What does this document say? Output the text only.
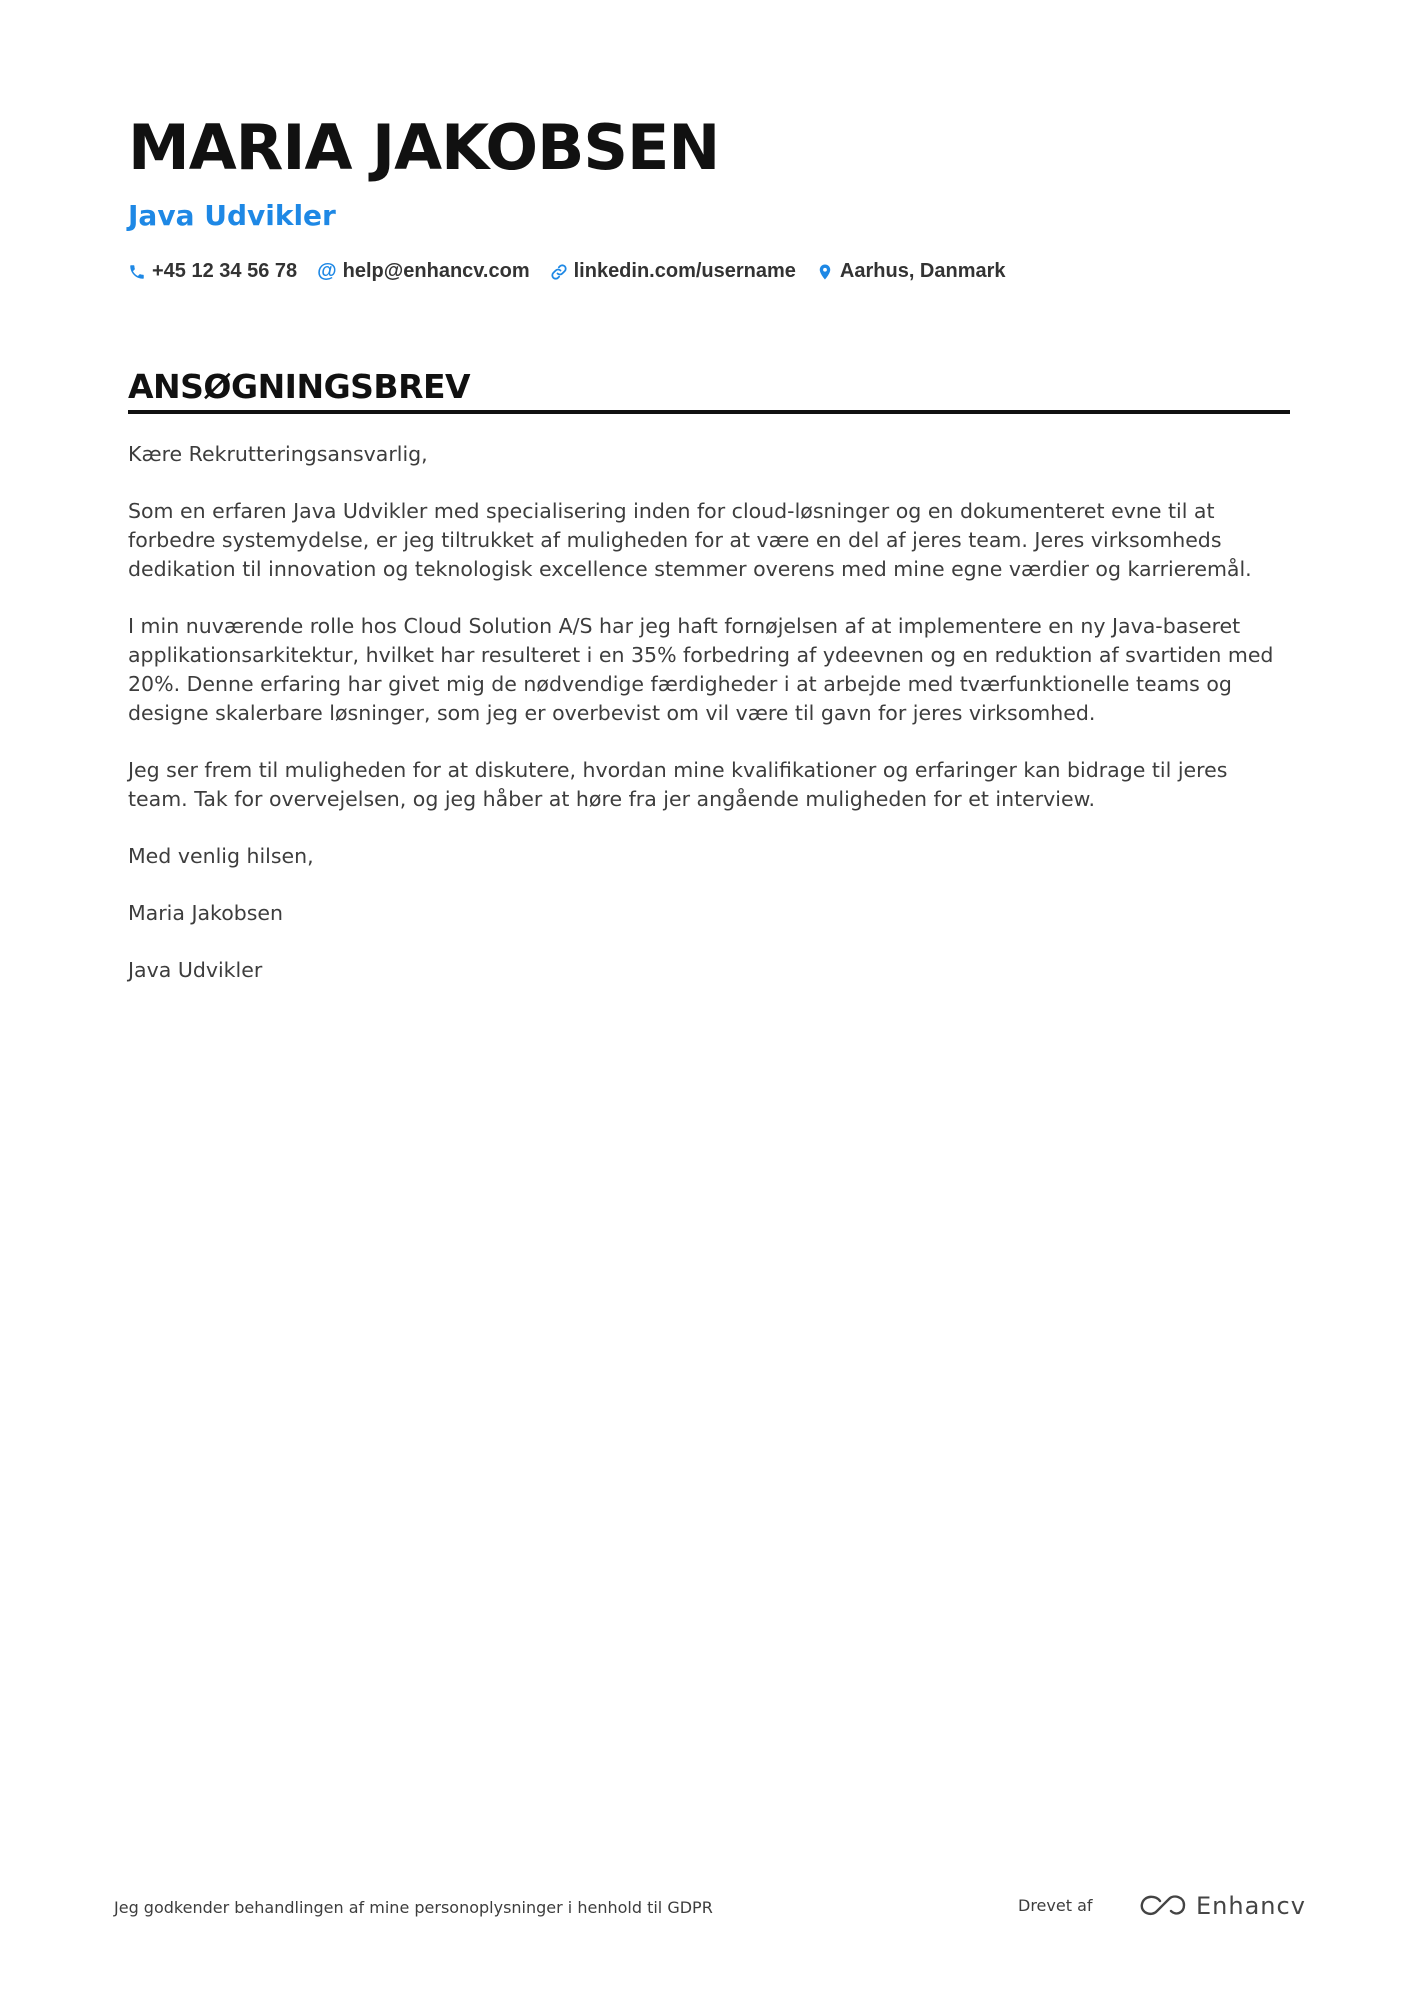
MARIA JAKOBSEN
Java Udvikler
+45 12 34 56 78 @ help@enhancv.com linkedin.com/username Aarhus, Danmark
ANSØGNINGSBREV

Kære Rekrutteringsansvarlig,

Som en erfaren Java Udvikler med specialisering inden for cloud-løsninger og en dokumenteret evne til at forbedre systemydelse, er jeg tiltrukket af muligheden for at være en del af jeres team. Jeres virksomheds dedikation til innovation og teknologisk excellence stemmer overens med mine egne værdier og karrieremål.

I min nuværende rolle hos Cloud Solution A/S har jeg haft fornøjelsen af at implementere en ny Java-baseret applikationsarkitektur, hvilket har resulteret i en 35% forbedring af ydeevnen og en reduktion af svartiden med 20%. Denne erfaring har givet mig de nødvendige færdigheder i at arbejde med tværfunktionelle teams og designe skalerbare løsninger, som jeg er overbevist om vil være til gavn for jeres virksomhed.

Jeg ser frem til muligheden for at diskutere, hvordan mine kvalifikationer og erfaringer kan bidrage til jeres team. Tak for overvejelsen, og jeg håber at høre fra jer angående muligheden for et interview.

Med venlig hilsen,

Maria Jakobsen

Java Udvikler

Jeg godkender behandlingen af mine personoplysninger i henhold til GDPR	Drevet af	Enhancv
